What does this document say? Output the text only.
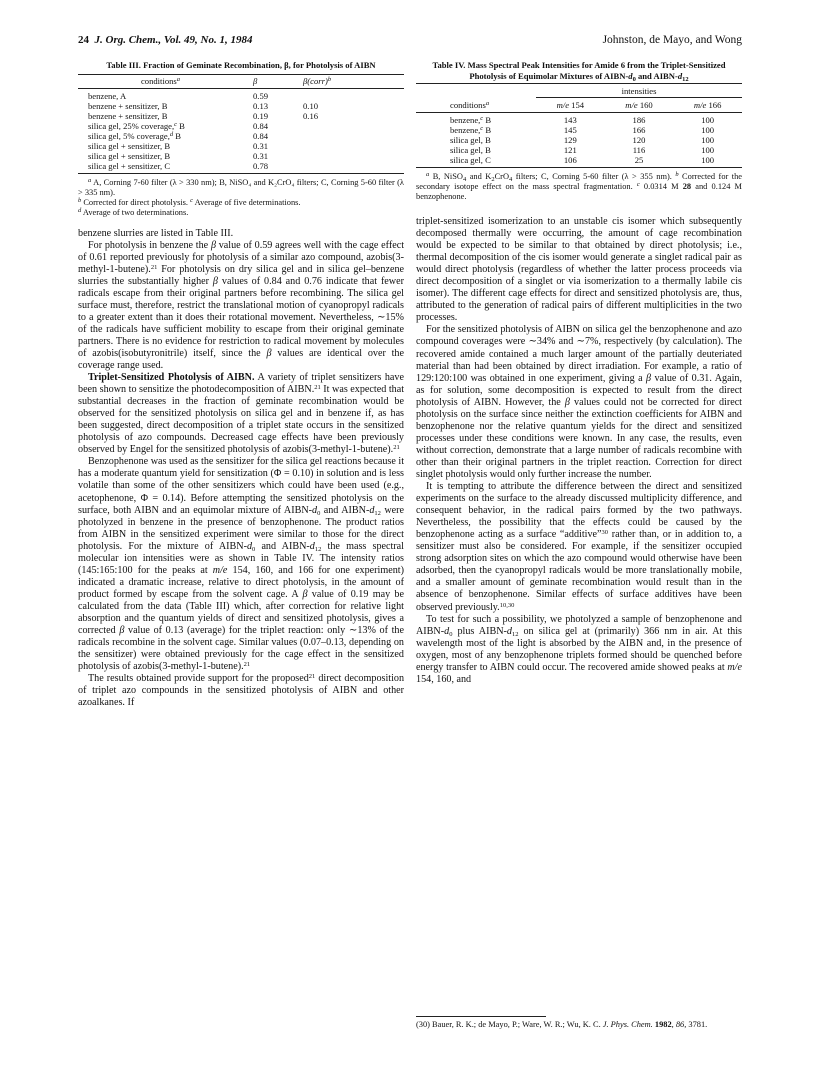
24 J. Org. Chem., Vol. 49, No. 1, 1984	Johnston, de Mayo, and Wong
Table III. Fraction of Geminate Recombination, β, for Photolysis of AIBN
conditions$^a$	β	β(corr)$^b$
benzene, A	0.59	
benzene + sensitizer, B	0.13	0.10
benzene + sensitizer, B	0.19	0.16
silica gel, 25% coverage,$^c$ B	0.84	
silica gel, 5% coverage,$^d$ B	0.84	
silica gel + sensitizer, B	0.31	
silica gel + sensitizer, B	0.31	
silica gel + sensitizer, C	0.78	
$^a$ A, Corning 7-60 filter (λ > 330 nm); B, NiSO₄ and K₂CrO₄ filters; C, Corning 5-60 filter (λ > 335 nm).
$^b$ Corrected for direct photolysis. $^c$ Average of five determinations.
$^d$ Average of two determinations.

benzene slurries are listed in Table III.

For photolysis in benzene the β value of 0.59 agrees well with the cage effect of 0.61 reported previously for photolysis of a similar azo compound, azobis(3-methyl-1-butene).$^{21}$ For photolysis on dry silica gel and in silica gel–benzene slurries the substantially higher β values of 0.84 and 0.76 indicate that fewer radicals escape from their original partners before recombining. The silica gel surface must, therefore, restrict the translational motion of cyanopropyl radicals to a greater extent than it does their rotational movement. Nevertheless, ∼15% of the radicals have sufficient mobility to escape from their original geminate partners. There is no evidence for restriction to radical movement by molecules of azobis(isobutyronitrile) itself, since the β values are identical over the coverage range used.

Triplet-Sensitized Photolysis of AIBN. A variety of triplet sensitizers have been shown to sensitize the photodecomposition of AIBN.$^{21}$ It was expected that substantial decreases in the fraction of geminate recombination would be observed for the sensitized photolysis on silica gel and in benzene if, as has been suggested, direct decomposition of a triplet state occurs in the sensitized photolysis of azo compounds. Decreased cage effects have been previously observed by Engel for the sensitized photolysis of azobis(3-methyl-1-butene).$^{21}$

Benzophenone was used as the sensitizer for the silica gel reactions because it has a moderate quantum yield for sensitization (Φ = 0.10) in solution and is less volatile than some of the other sensitizers which could have been used (e.g., acetophenone, Φ = 0.14). Before attempting the sensitized photolysis on the surface, both AIBN and an equimolar mixture of AIBN-$d_0$ and AIBN-$d_{12}$ were photolyzed in benzene in the presence of benzophenone. The product ratios from AIBN in the sensitized experiment were similar to those for the direct photolysis. For the mixture of AIBN-$d_0$ and AIBN-$d_{12}$ the mass spectral molecular ion intensities were as shown in Table IV. The intensity ratios (145:165:100 for the peaks at m/e 154, 160, and 166 for one experiment) indicated a dramatic increase, relative to direct photolysis, in the amount of product formed by escape from the solvent cage. A β value of 0.19 may be calculated from the data (Table III) which, after correction for relative light absorption and the quantum yields of direct and sensitized photolysis, gives a corrected β value of 0.13 (average) for the triplet reaction: only ∼13% of the radicals recombine in the solvent cage. Similar values (0.07–0.13, depending on the sensitizer) were obtained previously for the cage effect in the sensitized photolysis of azobis(3-methyl-1-butene).$^{21}$

The results obtained provide support for the proposed$^{21}$ direct decomposition of triplet azo compounds in the sensitized photolysis of AIBN and other azoalkanes. If

Table IV. Mass Spectral Peak Intensities for Amide 6 from the Triplet-Sensitized Photolysis of Equimolar Mixtures of AIBN-$d_0$ and AIBN-$d_{12}$
	intensities		
conditions$^a$	m/e 154	m/e 160	m/e 166
benzene,$^c$ B	143	186	100
benzene,$^c$ B	145	166	100
silica gel, B	129	120	100
silica gel, B	121	116	100
silica gel, C	106	25	100
$^a$ B, NiSO$_4$ and $K_2CrO_4$ filters; C, Corning 5-60 filter (λ > 355 nm). $^b$ Corrected for the secondary isotope effect on the mass spectral fragmentation. $^c$ 0.0314 M 28 and 0.124 M benzophenone.

triplet-sensitized isomerization to an unstable cis isomer which subsequently decomposed thermally were occurring, the amount of cage recombination would be expected to be similar to that obtained by direct photolysis; i.e., thermal decomposition of the cis isomer would generate a singlet radical pair as would direct photolysis (regardless of whether the latter process proceeds via direct decomposition of a singlet or via isomerization to a thermally labile cis isomer). The different cage effects for direct and sensitized photolysis are, thus, attributed to the generation of radical pairs of different multiplicities in the two processes.

For the sensitized photolysis of AIBN on silica gel the benzophenone and azo compound coverages were ∼34% and ∼7%, respectively (by calculation). The recovered amide contained a much larger amount of the partially deuteriated material than had been obtained by direct irradiation. For example, a ratio of 129:120:100 was obtained in one experiment, giving a β value of 0.31. Again, as for solution, some decomposition is expected to result from the direct photolysis of AIBN. However, the β values could not be corrected for direct photolysis on the surface since neither the extinction coefficients for AIBN and benzophenone nor the relative quantum yields for the direct and sensitized processes under these conditions were known. In any case, the results, even without correction, demonstrate that a large number of radicals recombine with other than their original partners in the triplet reaction. Correction for direct singlet photolysis would only further increase the number.

It is tempting to attribute the difference between the direct and sensitized experiments on the surface to the already discussed multiplicity difference, and consequent behavior, in the radical pairs formed by the two pathways. Nevertheless, the possibility that the effects could be caused by the benzophenone acting as a surface “additive”$^{30}$ rather than, or in addition to, a sensitizer must also be considered. For example, if the sensitizer occupied strong adsorption sites on which the azo compound would otherwise have been adsorbed, then the cyanopropyl radicals would be more translationally mobile, and a smaller amount of geminate recombination would result than in the absence of benzophenone. Similar effects of surface additives have been observed previously.$^{10,30}$

To test for such a possibility, we photolyzed a sample of benzophenone and AIBN-$d_0$ plus AIBN-$d_{12}$ on silica gel at (primarily) 366 nm in air. At this wavelength most of the light is absorbed by the AIBN and, in the presence of oxygen, most of any benzophenone triplets formed should be quenched before energy transfer to AIBN could occur. The recovered amide showed peaks at m/e 154, 160, and

(30) Bauer, R. K.; de Mayo, P.; Ware, W. R.; Wu, K. C. J. Phys. Chem. 1982, 86, 3781.
